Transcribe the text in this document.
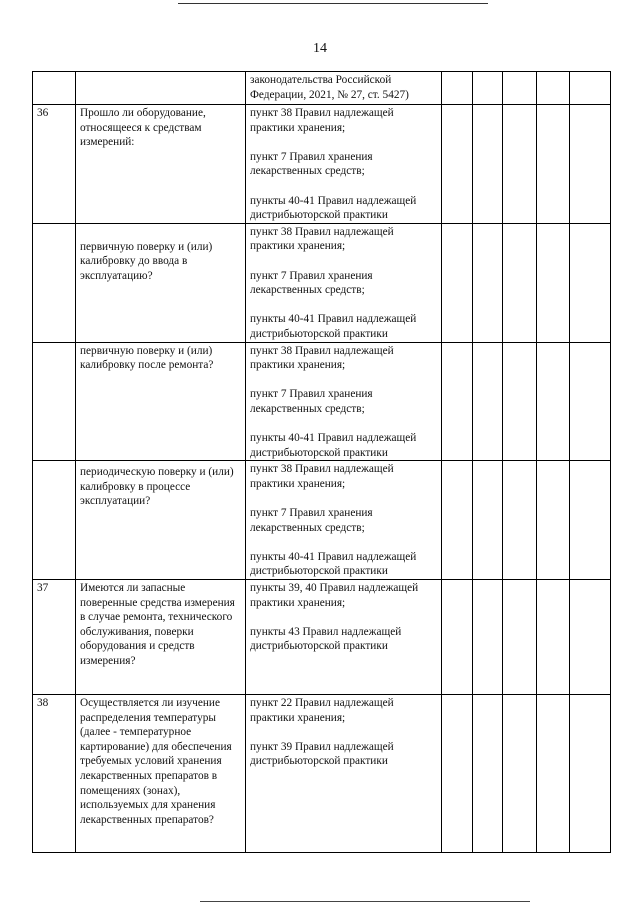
14

		законодательства Российской Федерации, 2021, № 27, ст. 5427)					

36	Прошло ли оборудование, относящееся к средствам измерений:	пункт 38 Правил надлежащей практики хранения;
пункт 7 Правил хранения лекарственных средств;
пункты 40-41 Правил надлежащей дистрибьюторской практики					

	первичную поверку и (или) калибровку до ввода в эксплуатацию?	пункт 38 Правил надлежащей практики хранения;
пункт 7 Правил хранения лекарственных средств;
пункты 40-41 Правил надлежащей дистрибьюторской практики					

	первичную поверку и (или) калибровку после ремонта?	пункт 38 Правил надлежащей практики хранения;
пункт 7 Правил хранения лекарственных средств;
пункты 40-41 Правил надлежащей дистрибьюторской практики					

	периодическую поверку и (или) калибровку в процессе эксплуатации?	пункт 38 Правил надлежащей практики хранения;
пункт 7 Правил хранения лекарственных средств;
пункты 40-41 Правил надлежащей дистрибьюторской практики					

37	Имеются ли запасные поверенные средства измерения в случае ремонта, технического обслуживания, поверки оборудования и средств измерения?	пункты 39, 40 Правил надлежащей практики хранения;
пункты 43 Правил надлежащей дистрибьюторской практики					

38	Осуществляется ли изучение распределения температуры (далее - температурное картирование) для обеспечения требуемых условий хранения лекарственных препаратов в помещениях (зонах), используемых для хранения лекарственных препаратов?	пункт 22 Правил надлежащей практики хранения;
пункт 39 Правил надлежащей дистрибьюторской практики					
